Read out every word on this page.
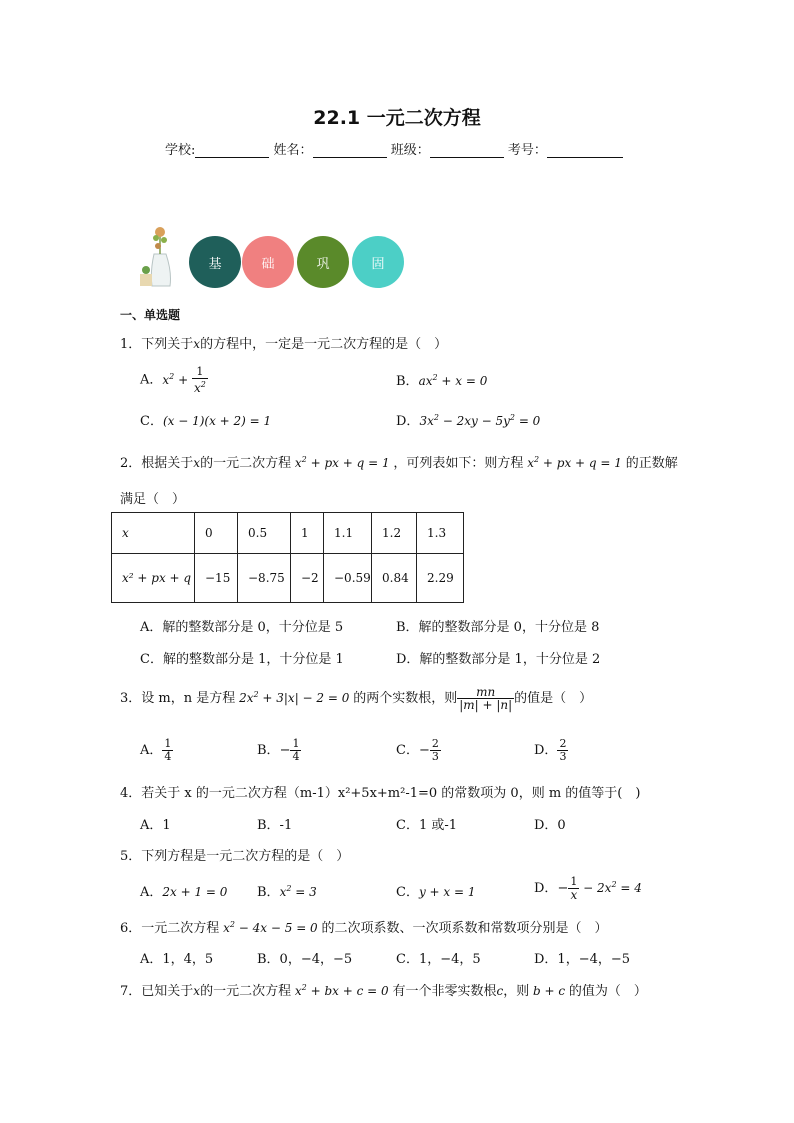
22.1 一元二次方程
学校:	姓名：	班级：	考号：
基	础	巩	固
一、单选题
1．下列关于x的方程中，一定是一元二次方程的是（　）
A．$x^2 + \frac{1}{x^2}$	B．$ax^2 + x = 0$
C．(x − 1)(x + 2) = 1	D．$3x^2 - 2xy - 5y^2 = 0$
2．根据关于x的一元二次方程 $x^2$ + px + q = 1 ，可列表如下：则方程 $x^2$ + px + q = 1 的正数解
满足（　）
x	0	0.5	1	1.1	1.2	1.3
x² + px + q	−15	−8.75	−2	−0.59	0.84	2.29
A．解的整数部分是 0，十分位是 5	B．解的整数部分是 0，十分位是 8
C．解的整数部分是 1，十分位是 1	D．解的整数部分是 1，十分位是 2
3．设 m，n 是方程 $2x^2 + 3|x| - 2 = 0$ 的两个实数根，则 $\frac{mn}{|m| + |n|}$ 的值是（　）
A． $\frac{1}{4}$	B．− $\frac{1}{4}$	C．− $\frac{2}{3}$	D． $\frac{2}{3}$
4．若关于 x 的一元二次方程（m-1）x²+5x+m²-1=0 的常数项为 0，则 m 的值等于(　)
A．1	B．-1	C．1 或-1	D．0
5．下列方程是一元二次方程的是（　）
A．2x + 1 = 0 B．$x^2 = 3$	C．y + x = 1	D．− $\frac{1}{x} - 2x^2 = 4$
6．一元二次方程 $x^2 - 4x - 5 = 0$ 的二次项系数、一次项系数和常数项分别是（　）
A．1，4，5	B．0，−4，−5	C．1，−4，5	D．1，−4，−5
7．已知关于x的一元二次方程 $x^2$ + bx + c = 0 有一个非零实数根c，则 b + c 的值为（　）
